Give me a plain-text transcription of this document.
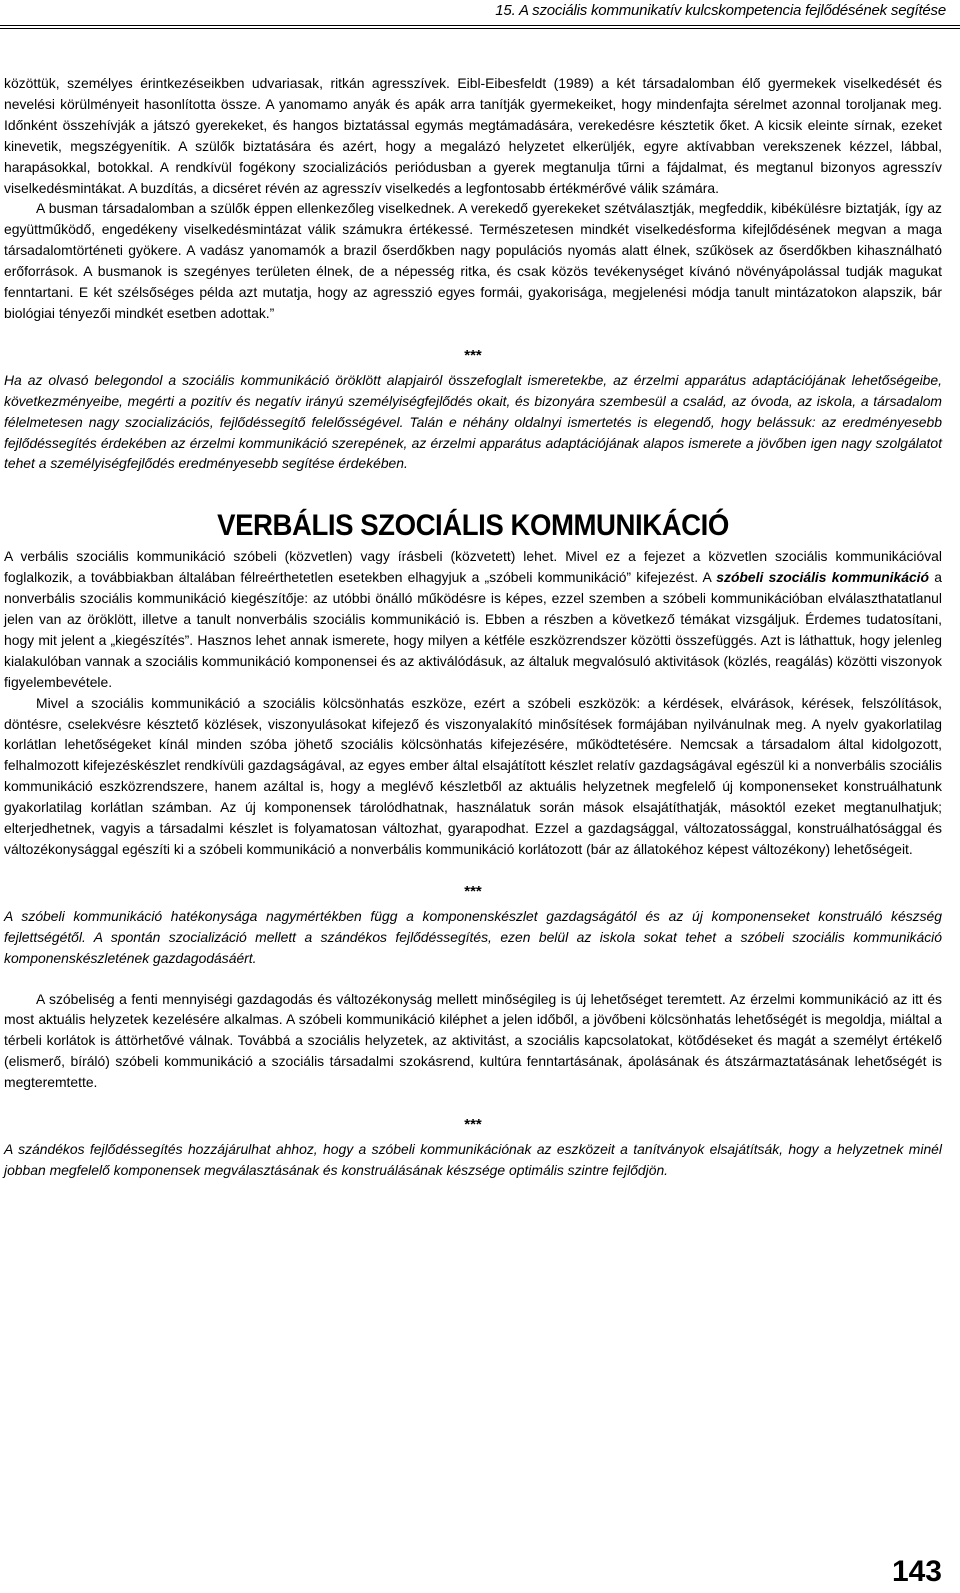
15. A szociális kommunikatív kulcskompetencia fejlődésének segítése

közöttük, személyes érintkezéseikben udvariasak, ritkán agresszívek. Eibl-Eibesfeldt (1989) a két társadalomban élő gyermekek viselkedését és nevelési körülményeit hasonlította össze. A yanomamo anyák és apák arra tanítják gyermekeiket, hogy mindenfajta sérelmet azonnal toroljanak meg. Időnként összehívják a játszó gyerekeket, és hangos biztatással egymás megtámadására, verekedésre késztetik őket. A kicsik eleinte sírnak, ezeket kinevetik, megszégyenítik. A szülők biztatására és azért, hogy a megalázó helyzetet elkerüljék, egyre aktívabban verekszenek kézzel, lábbal, harapásokkal, botokkal. A rendkívül fogékony szocializációs periódusban a gyerek megtanulja tűrni a fájdalmat, és megtanul bizonyos agresszív viselkedésmintákat. A buzdítás, a dicséret révén az agresszív viselkedés a legfontosabb értékmérővé válik számára.

A busman társadalomban a szülők éppen ellenkezőleg viselkednek. A verekedő gyerekeket szétválasztják, megfeddik, kibékülésre biztatják, így az együttműködő, engedékeny viselkedésmintázat válik számukra értékessé. Természetesen mindkét viselkedésforma kifejlődésének megvan a maga társadalomtörténeti gyökere. A vadász yanomamók a brazil őserdőkben nagy populációs nyomás alatt élnek, szűkösek az őserdőkben kihasználható erőforrások. A busmanok is szegényes területen élnek, de a népesség ritka, és csak közös tevékenységet kívánó növényápolással tudják magukat fenntartani. E két szélsőséges példa azt mutatja, hogy az agresszió egyes formái, gyakorisága, megjelenési módja tanult mintázatokon alapszik, bár biológiai tényezői mindkét esetben adottak.”

***

Ha az olvasó belegondol a szociális kommunikáció öröklött alapjairól összefoglalt ismeretekbe, az érzelmi apparátus adaptációjának lehetőségeibe, következményeibe, megérti a pozitív és negatív irányú személyiségfejlődés okait, és bizonyára szembesül a család, az óvoda, az iskola, a társadalom félelmetesen nagy szocializációs, fejlődéssegítő felelősségével. Talán e néhány oldalnyi ismertetés is elegendő, hogy belássuk: az eredményesebb fejlődéssegítés érdekében az érzelmi kommunikáció szerepének, az érzelmi apparátus adaptációjának alapos ismerete a jövőben igen nagy szolgálatot tehet a személyiségfejlődés eredményesebb segítése érdekében.

VERBÁLIS SZOCIÁLIS KOMMUNIKÁCIÓ

A verbális szociális kommunikáció szóbeli (közvetlen) vagy írásbeli (közvetett) lehet. Mivel ez a fejezet a közvetlen szociális kommunikációval foglalkozik, a továbbiakban általában félreérthetetlen esetekben elhagyjuk a „szóbeli kommunikáció” kifejezést. A szóbeli szociális kommunikáció a nonverbális szociális kommunikáció kiegészítője: az utóbbi önálló működésre is képes, ezzel szemben a szóbeli kommunikációban elválaszthatatlanul jelen van az öröklött, illetve a tanult nonverbális szociális kommunikáció is. Ebben a részben a következő témákat vizsgáljuk. Érdemes tudatosítani, hogy mit jelent a „kiegészítés”. Hasznos lehet annak ismerete, hogy milyen a kétféle eszközrendszer közötti összefüggés. Azt is láthattuk, hogy jelenleg kialakulóban vannak a szociális kommunikáció komponensei és az aktiválódásuk, az általuk megvalósuló aktivitások (közlés, reagálás) közötti viszonyok figyelembevétele.

Mivel a szociális kommunikáció a szociális kölcsönhatás eszköze, ezért a szóbeli eszközök: a kérdések, elvárások, kérések, felszólítások, döntésre, cselekvésre késztető közlések, viszonyulásokat kifejező és viszonyalakító minősítések formájában nyilvánulnak meg. A nyelv gyakorlatilag korlátlan lehetőségeket kínál minden szóba jöhető szociális kölcsönhatás kifejezésére, működtetésére. Nemcsak a társadalom által kidolgozott, felhalmozott kifejezéskészlet rendkívüli gazdagságával, az egyes ember által elsajátított készlet relatív gazdagságával egészül ki a nonverbális szociális kommunikáció eszközrendszere, hanem azáltal is, hogy a meglévő készletből az aktuális helyzetnek megfelelő új komponenseket konstruálhatunk gyakorlatilag korlátlan számban. Az új komponensek tárolódhatnak, használatuk során mások elsajátíthatják, másoktól ezeket megtanulhatjuk; elterjedhetnek, vagyis a társadalmi készlet is folyamatosan változhat, gyarapodhat. Ezzel a gazdagsággal, változatossággal, konstruálhatósággal és változékonysággal egészíti ki a szóbeli kommunikáció a nonverbális kommunikáció korlátozott (bár az állatokéhoz képest változékony) lehetőségeit.

***

A szóbeli kommunikáció hatékonysága nagymértékben függ a komponenskészlet gazdagságától és az új komponenseket konstruáló készség fejlettségétől. A spontán szocializáció mellett a szándékos fejlődéssegítés, ezen belül az iskola sokat tehet a szóbeli szociális kommunikáció komponenskészletének gazdagodásáért.

A szóbeliség a fenti mennyiségi gazdagodás és változékonyság mellett minőségileg is új lehetőséget teremtett. Az érzelmi kommunikáció az itt és most aktuális helyzetek kezelésére alkalmas. A szóbeli kommunikáció kiléphet a jelen időből, a jövőbeni kölcsönhatás lehetőségét is megoldja, miáltal a térbeli korlátok is áttörhetővé válnak. Továbbá a szociális helyzetek, az aktivitást, a szociális kapcsolatokat, kötődéseket és magát a személyt értékelő (elismerő, bíráló) szóbeli kommunikáció a szociális társadalmi szokásrend, kultúra fenntartásának, ápolásának és átszármaztatásának lehetőségét is megteremtette.

***

A szándékos fejlődéssegítés hozzájárulhat ahhoz, hogy a szóbeli kommunikációnak az eszközeit a tanítványok elsajátítsák, hogy a helyzetnek minél jobban megfelelő komponensek megválasztásának és konstruálásának készsége optimális szintre fejlődjön.

143
